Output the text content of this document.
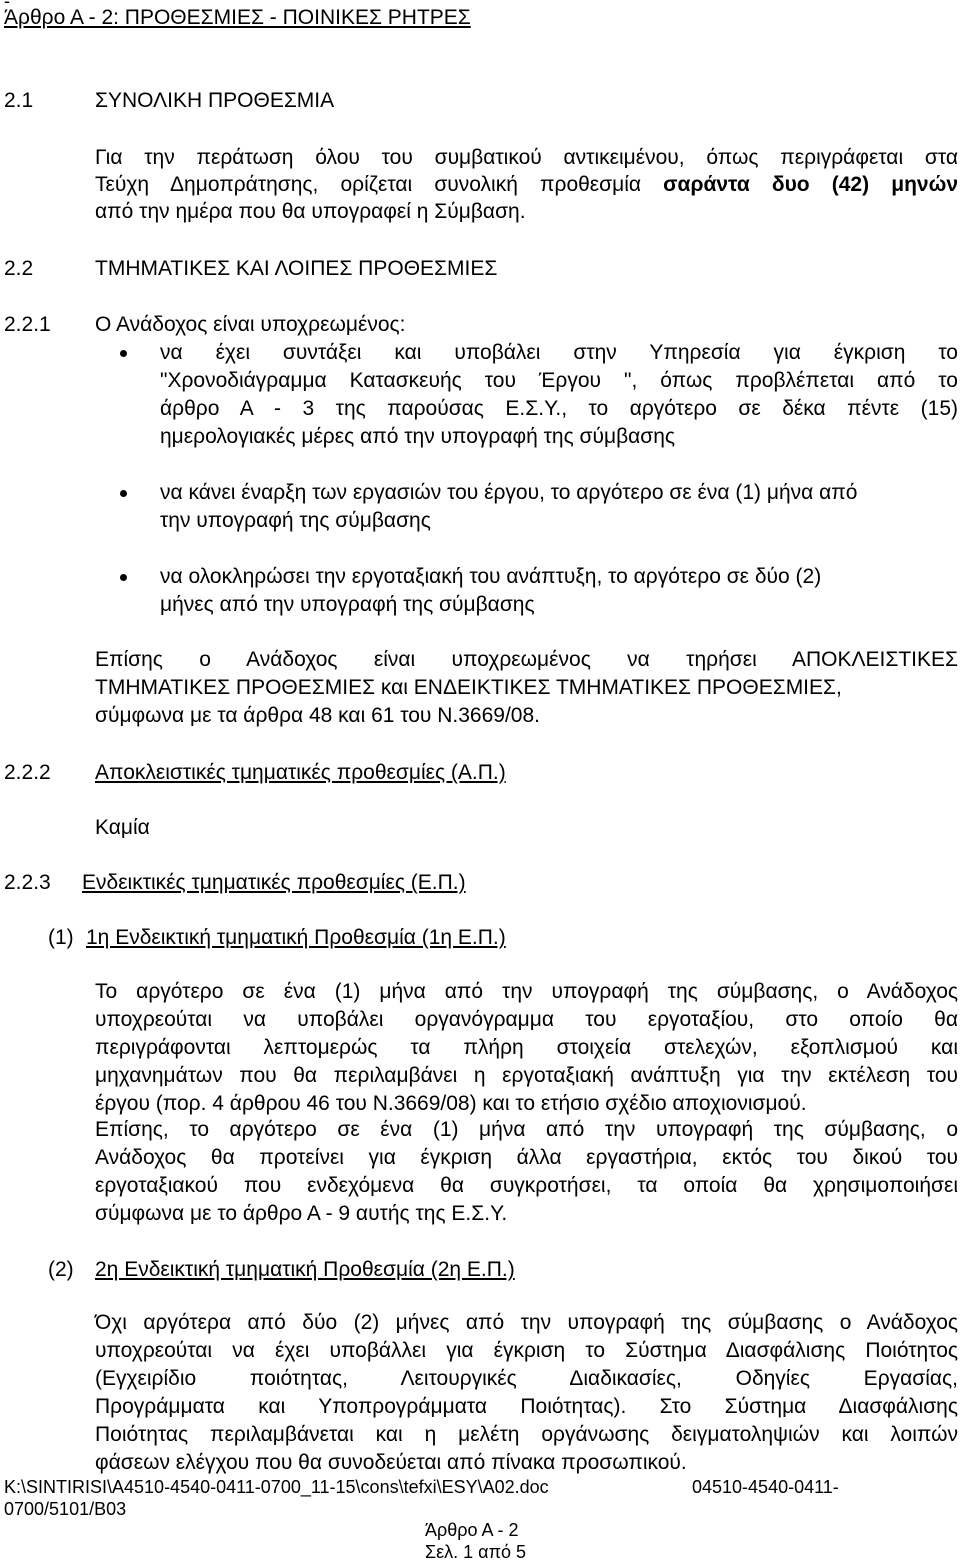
-
Άρθρο Α - 2: ΠΡΟΘΕΣΜΙΕΣ - ΠΟΙΝΙΚΕΣ ΡΗΤΡΕΣ
2.1	ΣΥΝΟΛΙΚΗ ΠΡΟΘΕΣΜΙΑ
Για την περάτωση όλου του συμβατικού αντικειμένου, όπως περιγράφεται στα
Τεύχη Δημοπράτησης, ορίζεται συνολική προθεσμία σαράντα δυο (42) μηνών
από την ημέρα που θα υπογραφεί η Σύμβαση.
2.2	ΤΜΗΜΑΤΙΚΕΣ ΚΑΙ ΛΟΙΠΕΣ ΠΡΟΘΕΣΜΙΕΣ
2.2.1 Ο Ανάδοχος είναι υποχρεωμένος:
να έχει συντάξει και υποβάλει στην Υπηρεσία για έγκριση το
"Χρονοδιάγραμμα Κατασκευής του Έργου ", όπως προβλέπεται από το
άρθρο Α - 3 της παρούσας Ε.Σ.Υ., το αργότερο σε δέκα πέντε (15)
ημερολογιακές μέρες από την υπογραφή της σύμβασης
να κάνει έναρξη των εργασιών του έργου, το αργότερο σε ένα (1) μήνα από
την υπογραφή της σύμβασης
να ολοκληρώσει την εργοταξιακή του ανάπτυξη, το αργότερο σε δύο (2)
μήνες από την υπογραφή της σύμβασης
Επίσης ο Ανάδοχος είναι υποχρεωμένος να τηρήσει ΑΠΟΚΛΕΙΣΤΙΚΕΣ
ΤΜΗΜΑΤΙΚΕΣ ΠΡΟΘΕΣΜΙΕΣ και ΕΝΔΕΙΚΤΙΚΕΣ ΤΜΗΜΑΤΙΚΕΣ ΠΡΟΘΕΣΜΙΕΣ,
σύμφωνα με τα άρθρα 48 και 61 του Ν.3669/08.
2.2.2 Αποκλειστικές τμηματικές προθεσμίες (Α.Π.)
Καμία
2.2.3 Ενδεικτικές τμηματικές προθεσμίες (Ε.Π.)
(1) 1η Ενδεικτική τμηματική Προθεσμία (1η Ε.Π.)
Το αργότερο σε ένα (1) μήνα από την υπογραφή της σύμβασης, ο Ανάδοχος
υποχρεούται να υποβάλει οργανόγραμμα του εργοταξίου, στο οποίο θα
περιγράφονται λεπτομερώς τα πλήρη στοιχεία στελεχών, εξοπλισμού και
μηχανημάτων που θα περιλαμβάνει η εργοταξιακή ανάπτυξη για την εκτέλεση του
έργου (πορ. 4 άρθρου 46 του Ν.3669/08) και το ετήσιο σχέδιο αποχιονισμού.
Επίσης, το αργότερο σε ένα (1) μήνα από την υπογραφή της σύμβασης, ο
Ανάδοχος θα προτείνει για έγκριση άλλα εργαστήρια, εκτός του δικού του
εργοταξιακού που ενδεχόμενα θα συγκροτήσει, τα οποία θα χρησιμοποιήσει
σύμφωνα με το άρθρο Α - 9 αυτής της Ε.Σ.Υ.
(2) 2η Ενδεικτική τμηματική Προθεσμία (2η Ε.Π.)
Όχι αργότερα από δύο (2) μήνες από την υπογραφή της σύμβασης ο Ανάδοχος
υποχρεούται να έχει υποβάλλει για έγκριση το Σύστημα Διασφάλισης Ποιότητος
(Εγχειρίδιο ποιότητας, Λειτουργικές Διαδικασίες, Οδηγίες Εργασίας,
Προγράμματα και Υποπρογράμματα Ποιότητας). Στο Σύστημα Διασφάλισης
Ποιότητας περιλαμβάνεται και η μελέτη οργάνωσης δειγματοληψιών και λοιπών
φάσεων ελέγχου που θα συνοδεύεται από πίνακα προσωπικού.
K:\SINTIRISI\A4510-4540-0411-0700_11-15\cons\tefxi\ESY\A02.doc	04510-4540-0411-
0700/5101/B03
Άρθρο Α - 2
Σελ. 1 από 5
